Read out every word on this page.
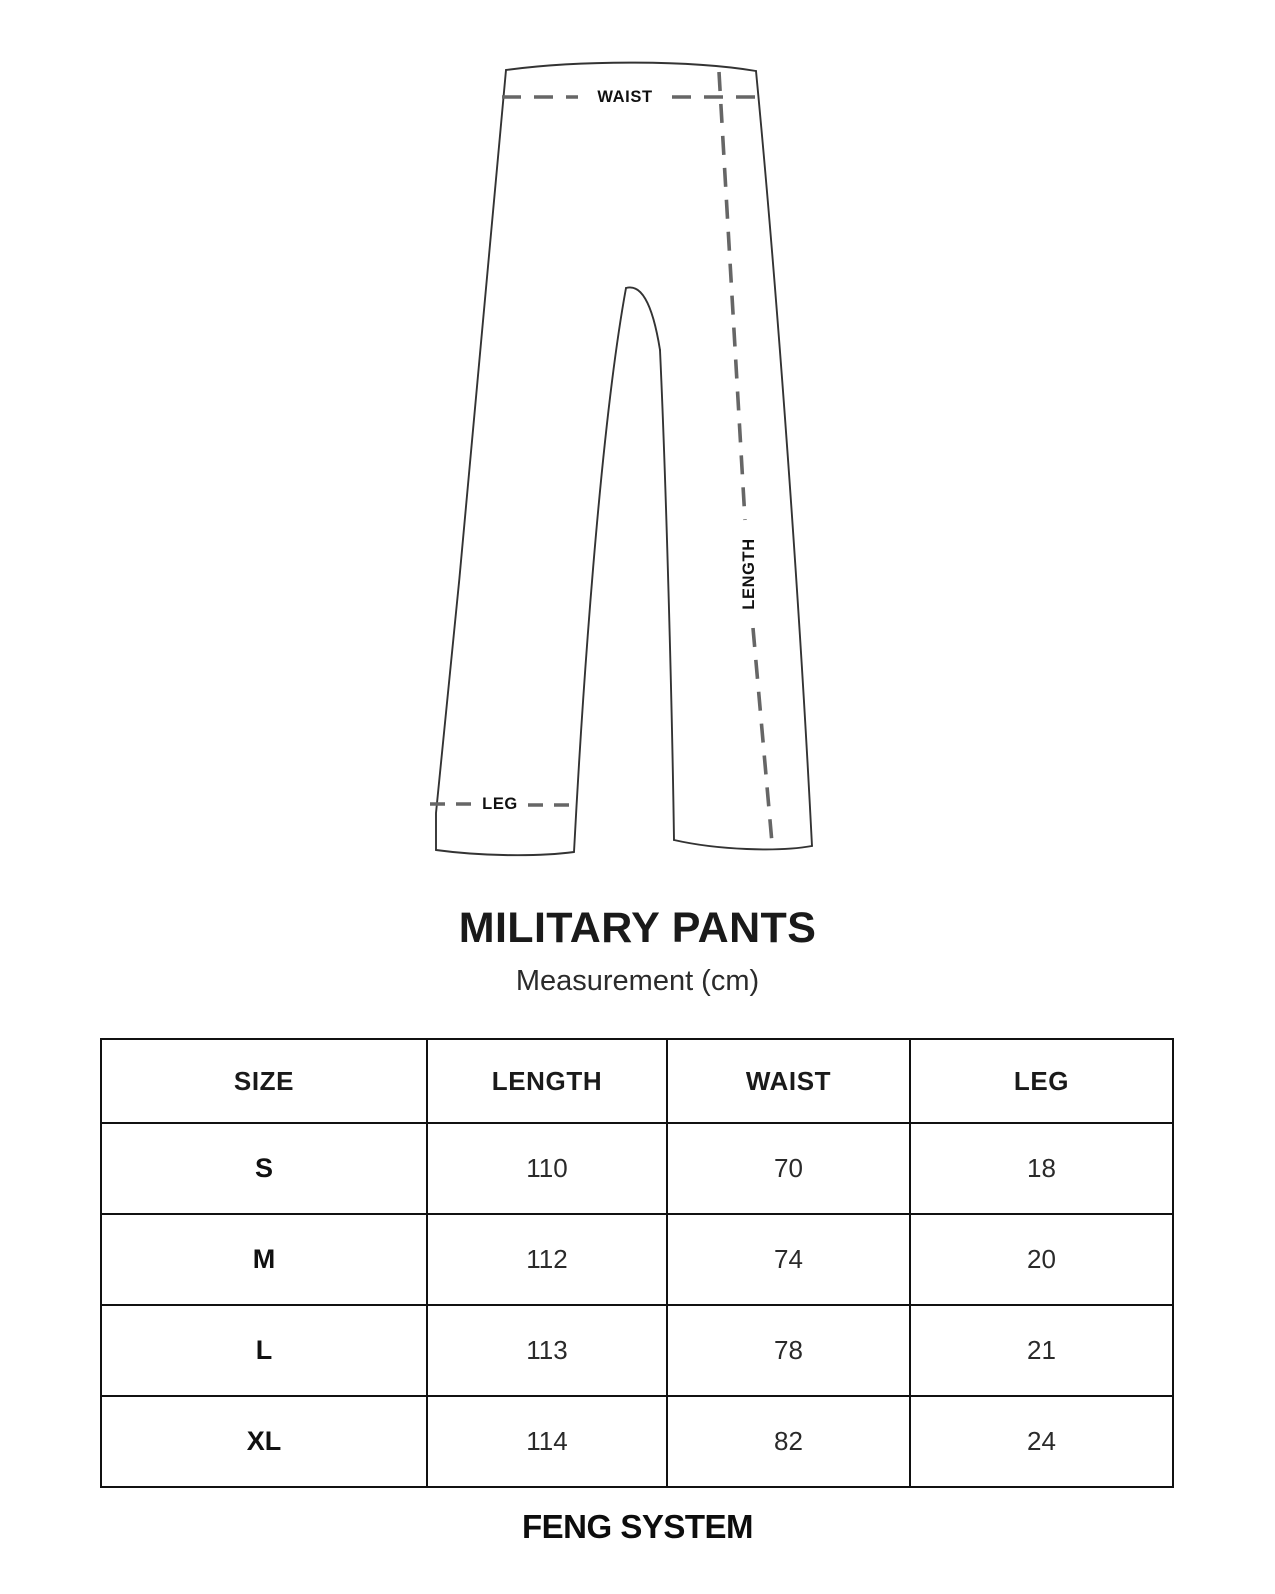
WAIST
LENGTH
LEG
MILITARY PANTS
Measurement (cm)
SIZE	LENGTH	WAIST	LEG
S	110	70	18
M	112	74	20
L	113	78	21
XL	114	82	24
FENG SYSTEM
